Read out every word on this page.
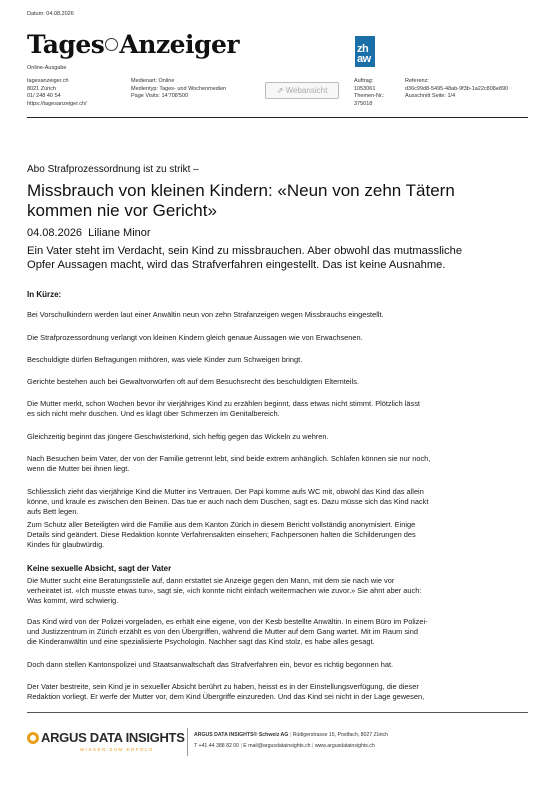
Datum: 04.08.2026
Tages Anzeiger
Online-Ausgabe
tagesanzeiger.ch
8021 Zürich
01/ 248 40 54
https://tagesanzeiger.ch/
Medienart: Online
Medientyp: Tages- und Wochenmedien
Page Visits: 14'708'500
⇗ Webansicht
zh
aw
Auftrag:
1053061
Themen-Nr.:
375018
Referenz:
d36c99d8-5495-48ab-9f3b-1a22c808e890
Ausschnitt Seite: 1/4
Abo Strafprozessordnung ist zu strikt –
Missbrauch von kleinen Kindern: «Neun von zehn Tätern
kommen nie vor Gericht»
04.08.2026  Liliane Minor
Ein Vater steht im Verdacht, sein Kind zu missbrauchen. Aber obwohl das mutmassliche
Opfer Aussagen macht, wird das Strafverfahren eingestellt. Das ist keine Ausnahme.
In Kürze:
Bei Vorschulkindern werden laut einer Anwältin neun von zehn Strafanzeigen wegen Missbrauchs eingestellt.
Die Strafprozessordnung verlangt von kleinen Kindern gleich genaue Aussagen wie von Erwachsenen.
Beschuldigte dürfen Befragungen mithören, was viele Kinder zum Schweigen bringt.
Gerichte bestehen auch bei Gewaltvorwürfen oft auf dem Besuchsrecht des beschuldigten Elternteils.
Die Mutter merkt, schon Wochen bevor ihr vierjähriges Kind zu erzählen beginnt, dass etwas nicht stimmt. Plötzlich lässt
es sich nicht mehr duschen. Und es klagt über Schmerzen im Genitalbereich.
Gleichzeitig beginnt das jüngere Geschwisterkind, sich heftig gegen das Wickeln zu wehren.
Nach Besuchen beim Vater, der von der Familie getrennt lebt, sind beide extrem anhänglich. Schlafen können sie nur noch,
wenn die Mutter bei ihnen liegt.
Schliesslich zieht das vierjährige Kind die Mutter ins Vertrauen. Der Papi komme aufs WC mit, obwohl das Kind das allein
könne, und kraule es zwischen den Beinen. Das tue er auch nach dem Duschen, sagt es. Dazu müsse sich das Kind nackt
aufs Bett legen.
Zum Schutz aller Beteiligten wird die Familie aus dem Kanton Zürich in diesem Bericht vollständig anonymisiert. Einige
Details sind geändert. Diese Redaktion konnte Verfahrensakten einsehen; Fachpersonen halten die Schilderungen des
Kindes für glaubwürdig.
Keine sexuelle Absicht, sagt der Vater
Die Mutter sucht eine Beratungsstelle auf, dann erstattet sie Anzeige gegen den Mann, mit dem sie nach wie vor
verheiratet ist. «Ich musste etwas tun», sagt sie, «ich konnte nicht einfach weitermachen wie zuvor.» Sie ahnt aber auch:
Was kommt, wird schwierig.
Das Kind wird von der Polizei vorgeladen, es erhält eine eigene, von der Kesb bestellte Anwältin. In einem Büro im Polizei-
und Justizzentrum in Zürich erzählt es von den Übergriffen, während die Mutter auf dem Gang wartet. Mit im Raum sind
die Kinderanwältin und eine spezialisierte Psychologin. Nachher sagt das Kind stolz, es habe alles gesagt.
Doch dann stellen Kantonspolizei und Staatsanwaltschaft das Strafverfahren ein, bevor es richtig begonnen hat.
Der Vater bestreite, sein Kind je in sexueller Absicht berührt zu haben, heisst es in der Einstellungsverfügung, die dieser
Redaktion vorliegt. Er werfe der Mutter vor, dem Kind Übergriffe einzureden. Und das Kind sei nicht in der Lage gewesen,
ARGUS DATA INSIGHTS
WISSEN ZUM ERFOLG
ARGUS DATA INSIGHTS® Schweiz AG | Rüdigerstrasse 15, Postfach, 8027 Zürich
T +41 44 388 82 00 | E mail@argusdatainsights.ch | www.argusdatainsights.ch
